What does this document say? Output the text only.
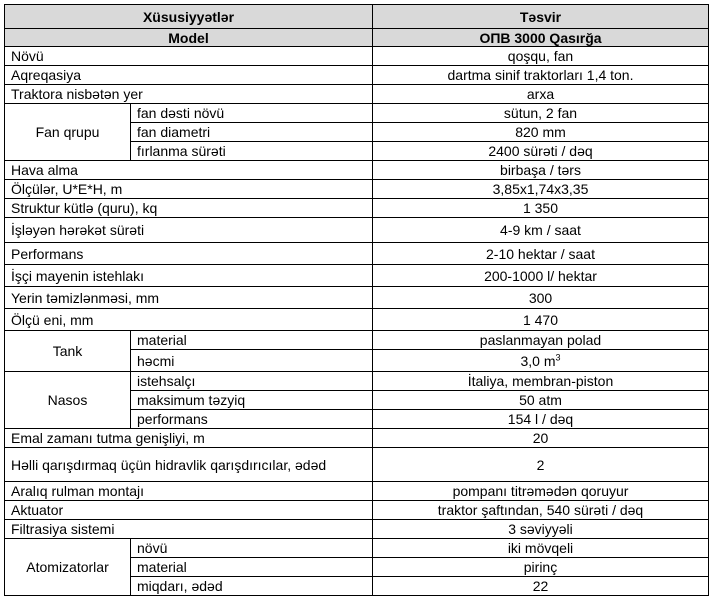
Xüsusiyyətlər		Təsvir
Model		ОПВ 3000 Qasırğa
Növü		qoşqu, fan
Aqreqasiya		dartma sinif traktorları 1,4 ton.
Traktora nisbətən yer		arxa
Fan qrupu	fan dəsti növü	sütun, 2 fan
	fan diametri	820 mm
	fırlanma sürəti	2400 sürəti / dəq
Hava alma		birbaşa / tərs
Ölçülər, U*E*H, m		3,85x1,74x3,35
Struktur kütlə (quru), kq		1 350
İşləyən hərəkət sürəti		4-9 km / saat
Performans		2-10 hektar / saat
İşçi mayenin istehlakı		200-1000 l/ hektar
Yerin təmizlənməsi, mm		300
Ölçü eni, mm		1 470
Tank	material	paslanmayan polad
	həcmi	3,0 $m^3$
Nasos	istehsalçı	İtaliya, membran-piston
	maksimum təzyiq	50 atm
	performans	154 l / dəq
Emal zamanı tutma genişliyi, m		20
Həlli qarışdırmaq üçün hidravlik qarışdırıcılar, ədəd		2
Aralıq rulman montajı		pompanı titrəmədən qoruyur
Aktuator		traktor şaftından, 540 sürəti / dəq
Filtrasiya sistemi		3 səviyyəli
Atomizatorlar	növü	iki mövqeli
	material	pirinç
	miqdarı, ədəd	22
